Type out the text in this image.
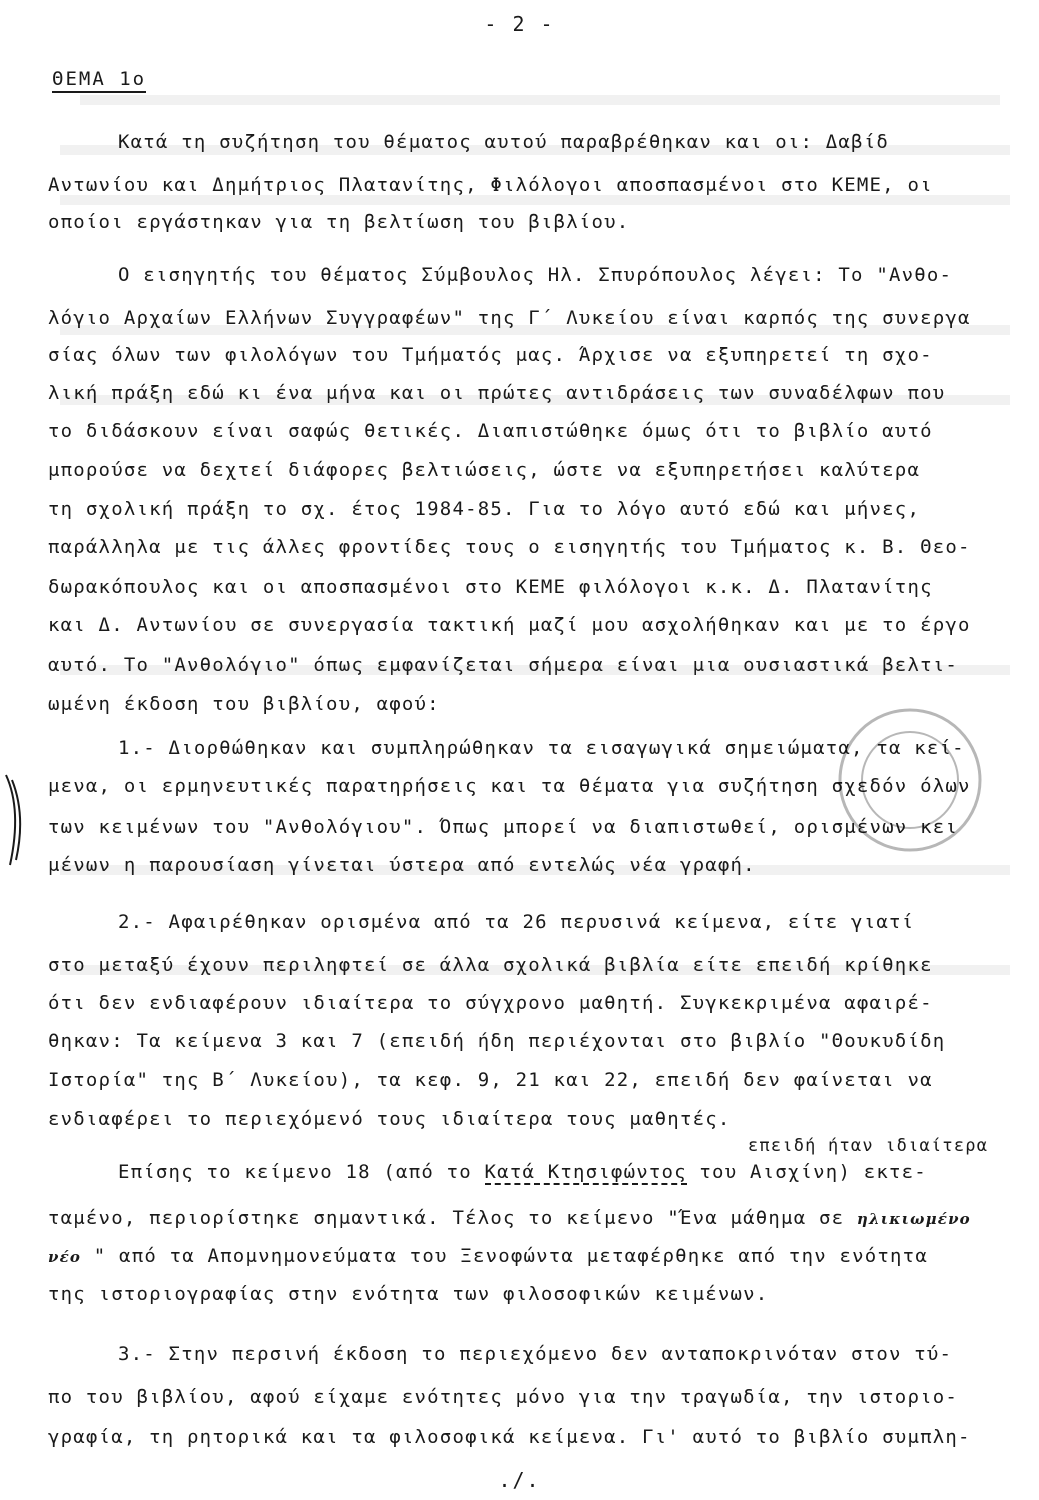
- 2 -
ΘΕΜΑ 1ο
Κατά τη συζήτηση του θέματος αυτού παραβρέθηκαν και οι: Δαβίδ
Αντωνίου και Δημήτριος Πλατανίτης, Φιλόλογοι αποσπασμένοι στο ΚΕΜΕ, οι
οποίοι εργάστηκαν για τη βελτίωση του βιβλίου.
Ο εισηγητής του θέματος Σύμβουλος Ηλ. Σπυρόπουλος λέγει: Το "Ανθο-
λόγιο Αρχαίων Ελλήνων Συγγραφέων" της Γ΄ Λυκείου είναι καρπός της συνεργα
σίας όλων των φιλολόγων του Τμήματός μας. Άρχισε να εξυπηρετεί τη σχο-
λική πράξη εδώ κι ένα μήνα και οι πρώτες αντιδράσεις των συναδέλφων που
το διδάσκουν είναι σαφώς θετικές. Διαπιστώθηκε όμως ότι το βιβλίο αυτό
μπορούσε να δεχτεί διάφορες βελτιώσεις, ώστε να εξυπηρετήσει καλύτερα
τη σχολική πράξη το σχ. έτος 1984-85. Για το λόγο αυτό εδώ και μήνες,
παράλληλα με τις άλλες φροντίδες τους ο εισηγητής του Τμήματος κ. Β. Θεο-
δωρακόπουλος και οι αποσπασμένοι στο ΚΕΜΕ φιλόλογοι κ.κ. Δ. Πλατανίτης
και Δ. Αντωνίου σε συνεργασία τακτική μαζί μου ασχολήθηκαν και με το έργο
αυτό. Το "Ανθολόγιο" όπως εμφανίζεται σήμερα είναι μια ουσιαστικά βελτι-
ωμένη έκδοση του βιβλίου, αφού:
1.- Διορθώθηκαν και συμπληρώθηκαν τα εισαγωγικά σημειώματα, τα κεί-
μενα, οι ερμηνευτικές παρατηρήσεις και τα θέματα για συζήτηση σχεδόν όλων
των κειμένων του "Ανθολόγιου". Όπως μπορεί να διαπιστωθεί, ορισμένων κει
μένων η παρουσίαση γίνεται ύστερα από εντελώς νέα γραφή.
2.- Αφαιρέθηκαν ορισμένα από τα 26 περυσινά κείμενα, είτε γιατί
στο μεταξύ έχουν περιληφτεί σε άλλα σχολικά βιβλία είτε επειδή κρίθηκε
ότι δεν ενδιαφέρουν ιδιαίτερα το σύγχρονο μαθητή. Συγκεκριμένα αφαιρέ-
θηκαν: Τα κείμενα 3 και 7 (επειδή ήδη περιέχονται στο βιβλίο "Θουκυδίδη
Ιστορία" της Β΄ Λυκείου), τα κεφ. 9, 21 και 22, επειδή δεν φαίνεται να
ενδιαφέρει το περιεχόμενό τους ιδιαίτερα τους μαθητές.
επειδή ήταν ιδιαίτερα
Επίσης το κείμενο 18 (από το Κατά Κτησιφώντος του Αισχίνη) εκτε-
ταμένο, περιορίστηκε σημαντικά. Τέλος το κείμενο "Ένα μάθημα σε ηλικιωμένο
νέο " από τα Απομνημονεύματα του Ξενοφώντα μεταφέρθηκε από την ενότητα
της ιστοριογραφίας στην ενότητα των φιλοσοφικών κειμένων.
3.- Στην περσινή έκδοση το περιεχόμενο δεν ανταποκρινόταν στον τύ-
πο του βιβλίου, αφού είχαμε ενότητες μόνο για την τραγωδία, την ιστοριο-
γραφία, τη ρητορικά και τα φιλοσοφικά κείμενα. Γι' αυτό το βιβλίο συμπλη-
./.
